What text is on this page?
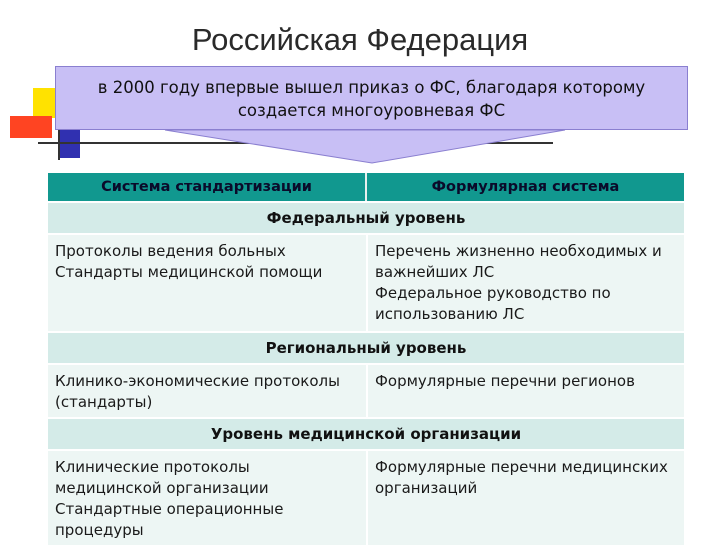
Российская Федерация
в 2000 году впервые вышел приказ о ФС, благодаря которому
создается многоуровневая ФС
Система стандартизации	Формулярная система
Федеральный уровень
Протоколы ведения больных
Стандарты медицинской помощи
Перечень жизненно необходимых и
важнейших ЛС
Федеральное руководство по
использованию ЛС
Региональный уровень
Клинико-экономические протоколы
(стандарты)
Формулярные перечни регионов
Уровень медицинской организации
Клинические протоколы
медицинской организации
Стандартные операционные
процедуры
Формулярные перечни медицинских
организаций
